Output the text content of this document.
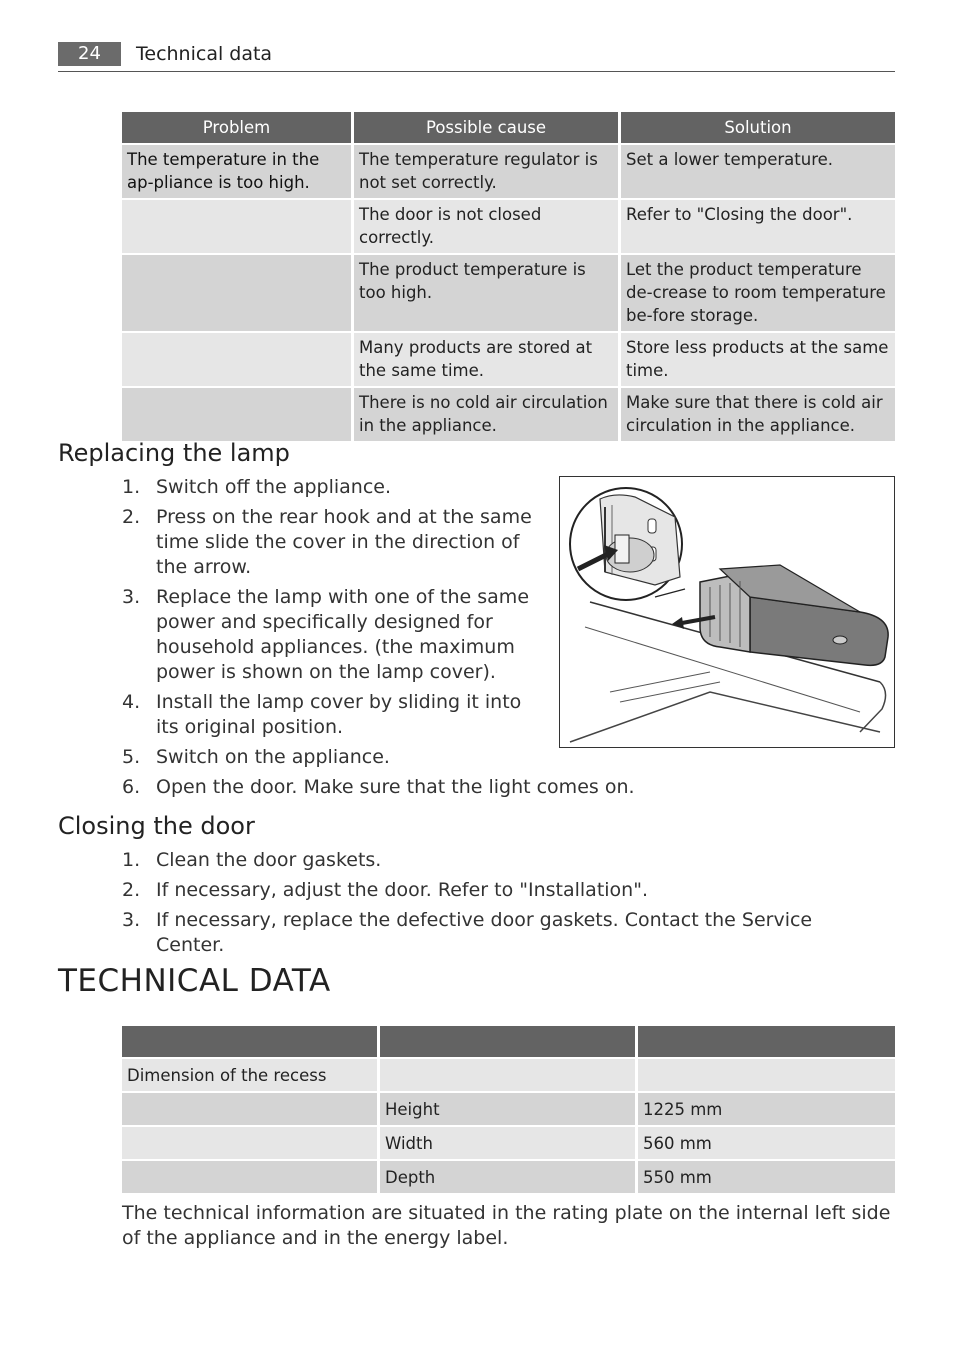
24	Technical data
Problem	Possible cause	Solution
The temperature in the ap-pliance is too high.	The temperature regulator is not set correctly.	Set a lower temperature.
	The door is not closed correctly.	Refer to "Closing the door".
	The product temperature is too high.	Let the product temperature de-crease to room temperature be-fore storage.
	Many products are stored at the same time.	Store less products at the same time.
	There is no cold air circulation in the appliance.	Make sure that there is cold air circulation in the appliance.
Replacing the lamp
1. Switch off the appliance.
2. Press on the rear hook and at the same time slide the cover in the direction of the arrow.
3. Replace the lamp with one of the same power and specifically designed for household appliances. (the maximum power is shown on the lamp cover).
4. Install the lamp cover by sliding it into its original position.
5. Switch on the appliance.
6. Open the door. Make sure that the light comes on.
Closing the door
1. Clean the door gaskets.
2. If necessary, adjust the door. Refer to "Installation".
3. If necessary, replace the defective door gaskets. Contact the Service Center.
TECHNICAL DATA

Dimension of the recess		
	Height	1225 mm
	Width	560 mm
	Depth	550 mm

The technical information are situated in the rating plate on the internal left side of the appliance and in the energy label.
